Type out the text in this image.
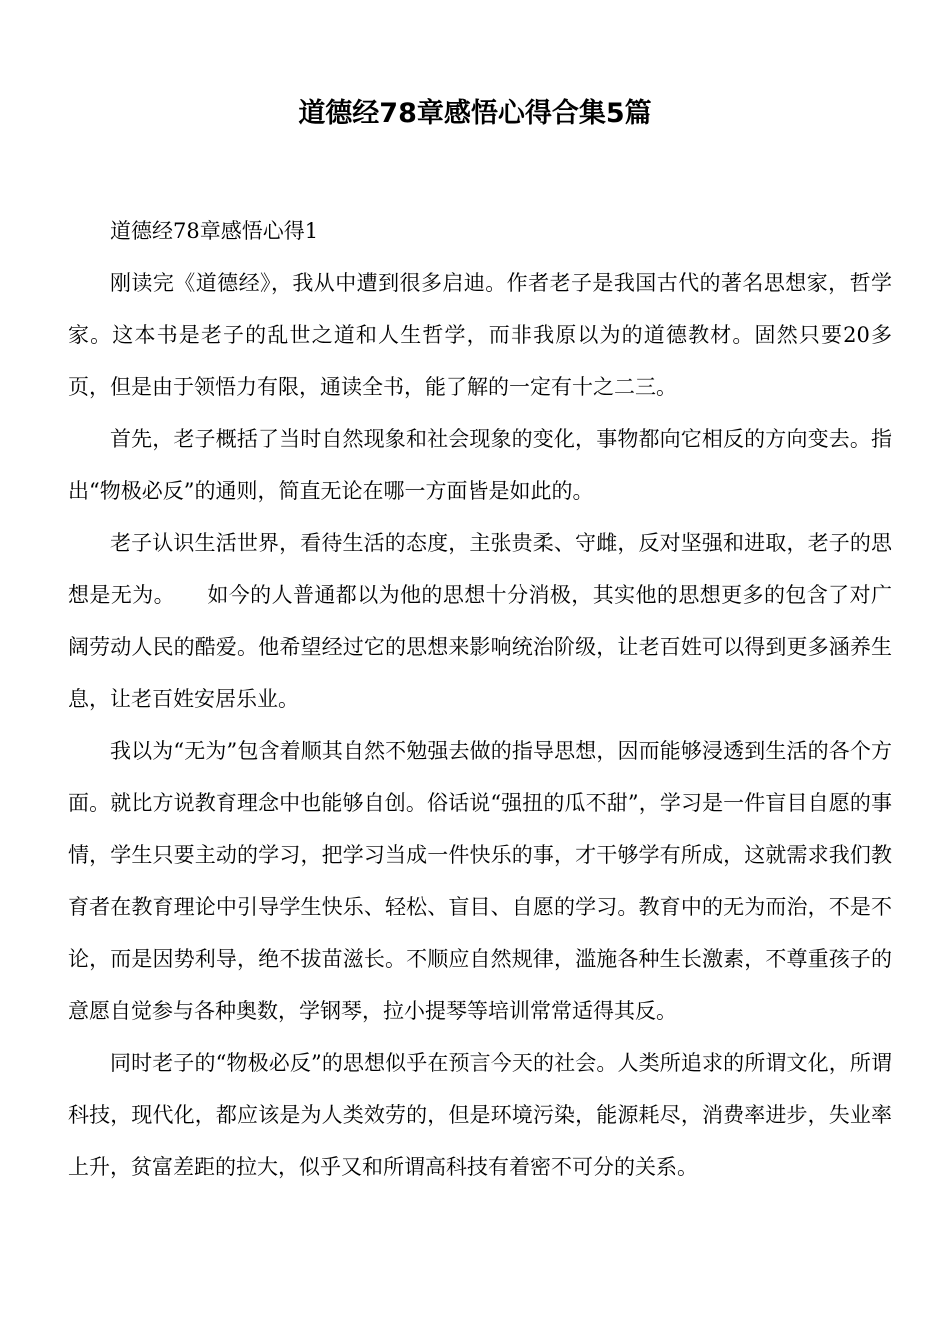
道德经78章感悟心得合集5篇

道德经78章感悟心得1

刚读完《道德经》，我从中遭到很多启迪。作者老子是我国古代的著名思想家，哲学家。这本书是老子的乱世之道和人生哲学，而非我原以为的道德教材。固然只要20多页，但是由于领悟力有限，通读全书，能了解的一定有十之二三。

首先，老子概括了当时自然现象和社会现象的变化，事物都向它相反的方向变去。指出“物极必反”的通则，简直无论在哪一方面皆是如此的。

老子认识生活世界，看待生活的态度，主张贵柔、守雌，反对坚强和进取，老子的思想是无为。　　如今的人普通都以为他的思想十分消极，其实他的思想更多的包含了对广阔劳动人民的酷爱。他希望经过它的思想来影响统治阶级，让老百姓可以得到更多涵养生息，让老百姓安居乐业。

我以为“无为”包含着顺其自然不勉强去做的指导思想，因而能够浸透到生活的各个方面。就比方说教育理念中也能够自创。俗话说“强扭的瓜不甜”，学习是一件盲目自愿的事情，学生只要主动的学习，把学习当成一件快乐的事，才干够学有所成，这就需求我们教育者在教育理论中引导学生快乐、轻松、盲目、自愿的学习。教育中的无为而治，不是不论，而是因势利导，绝不拔苗滋长。不顺应自然规律，滥施各种生长激素，不尊重孩子的意愿自觉参与各种奥数，学钢琴，拉小提琴等培训常常适得其反。

同时老子的“物极必反”的思想似乎在预言今天的社会。人类所追求的所谓文化，所谓科技，现代化，都应该是为人类效劳的，但是环境污染，能源耗尽，消费率进步，失业率上升，贫富差距的拉大，似乎又和所谓高科技有着密不可分的关系。
